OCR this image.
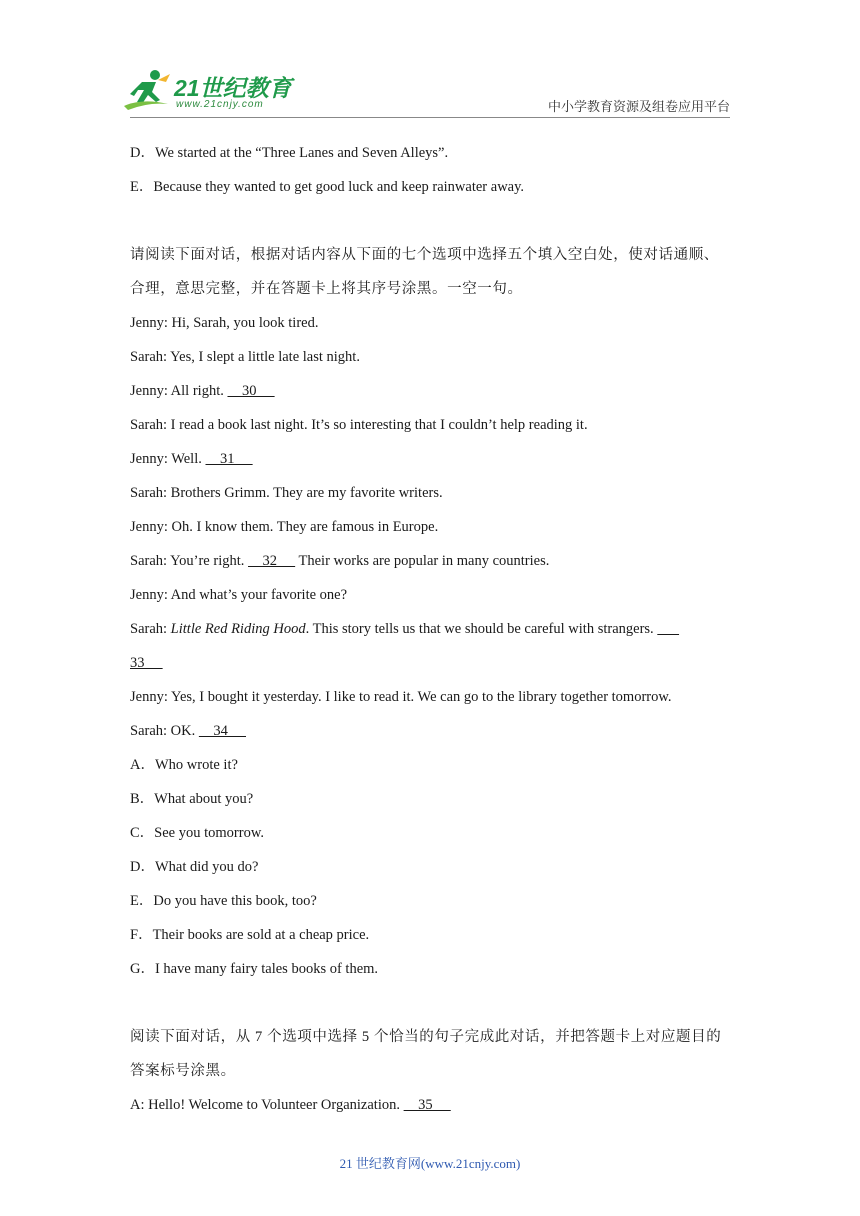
21世纪教育
www.21cnjy.com	中小学教育资源及组卷应用平台
D．We started at the “Three Lanes and Seven Alleys”.
E．Because they wanted to get good luck and keep rainwater away.
请阅读下面对话，根据对话内容从下面的七个选项中选择五个填入空白处，使对话通顺、合理，意思完整，并在答题卡上将其序号涂黑。一空一句。
Jenny: Hi, Sarah, you look tired.
Sarah: Yes, I slept a little late last night.
Jenny: All right.     30
Sarah: I read a book last night. It’s so interesting that I couldn’t help reading it.
Jenny: Well.     31
Sarah: Brothers Grimm. They are my favorite writers.
Jenny: Oh. I know them. They are famous in Europe.
Sarah: You’re right.     32      Their works are popular in many countries.
Jenny: And what’s your favorite one?
Sarah: Little Red Riding Hood. This story tells us that we should be careful with strangers.
33
Jenny: Yes, I bought it yesterday. I like to read it. We can go to the library together tomorrow.
Sarah: OK.     34
A．Who wrote it?
B．What about you?
C．See you tomorrow.
D．What did you do?
E．Do you have this book, too?
F．Their books are sold at a cheap price.
G．I have many fairy tales books of them.
阅读下面对话，从 7 个选项中选择 5 个恰当的句子完成此对话，并把答题卡上对应题目的答案标号涂黑。
A: Hello! Welcome to Volunteer Organization.     35
21 世纪教育网(www.21cnjy.com)
